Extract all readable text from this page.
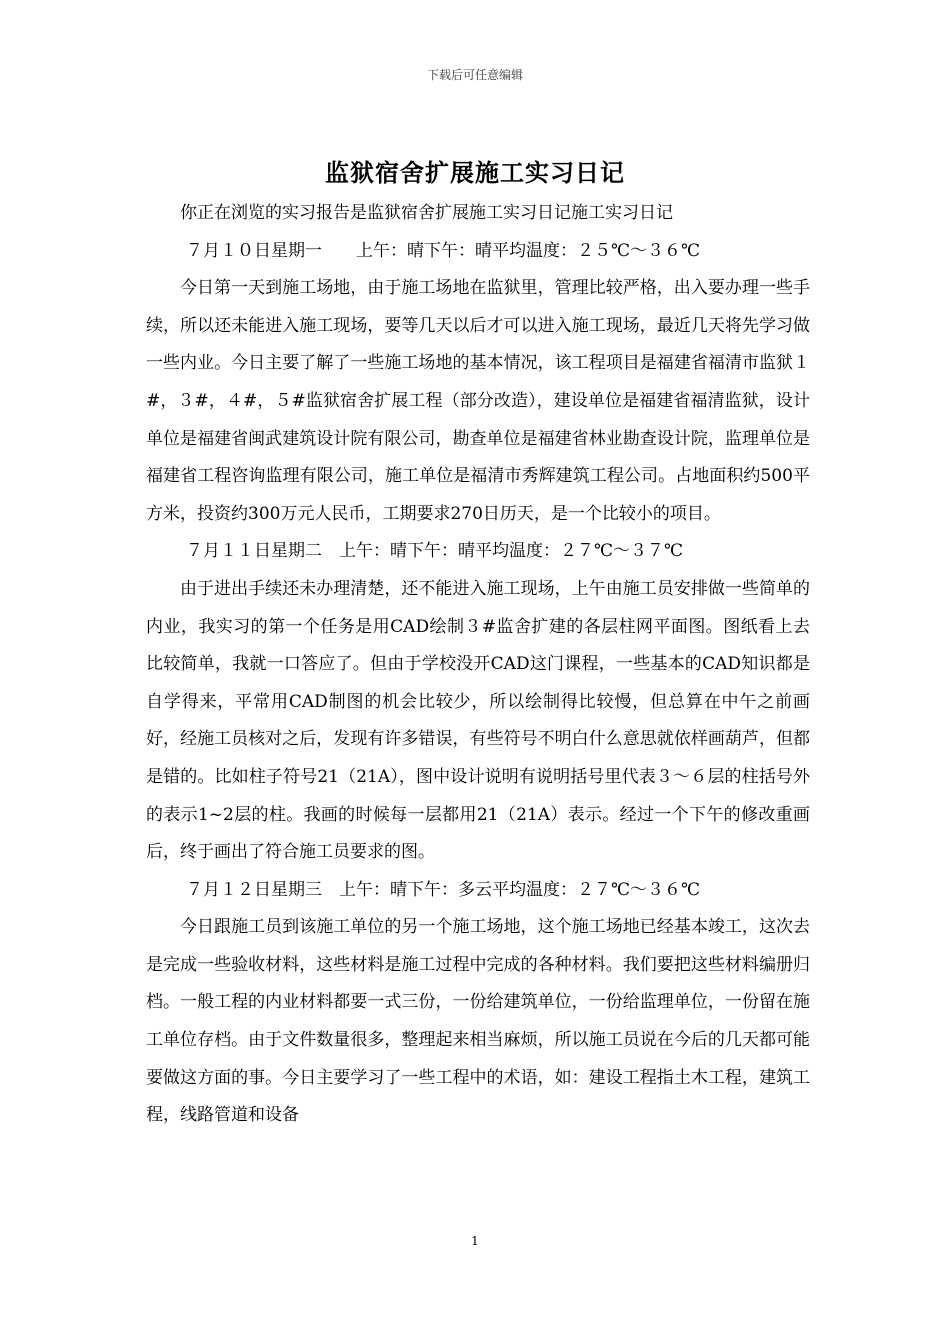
下载后可任意编辑
监狱宿舍扩展施工实习日记

你正在浏览的实习报告是监狱宿舍扩展施工实习日记施工实习日记

７月１０日星期一　　上午：晴下午：晴平均温度：２５℃～３６℃

今日第一天到施工场地，由于施工场地在监狱里，管理比较严格，出入要办理一些手续，所以还未能进入施工现场，要等几天以后才可以进入施工现场，最近几天将先学习做一些内业。今日主要了解了一些施工场地的基本情况，该工程项目是福建省福清市监狱１#，３#，４#，５#监狱宿舍扩展工程（部分改造），建设单位是福建省福清监狱，设计单位是福建省闽武建筑设计院有限公司，勘查单位是福建省林业勘查设计院，监理单位是福建省工程咨询监理有限公司，施工单位是福清市秀辉建筑工程公司。占地面积约500平方米，投资约300万元人民币，工期要求270日历天，是一个比较小的项目。

７月１１日星期二　上午：晴下午：晴平均温度：２７℃～３７℃

由于进出手续还未办理清楚，还不能进入施工现场，上午由施工员安排做一些简单的内业，我实习的第一个任务是用CAD绘制３#监舍扩建的各层柱网平面图。图纸看上去比较简单，我就一口答应了。但由于学校没开CAD这门课程，一些基本的CAD知识都是自学得来，平常用CAD制图的机会比较少，所以绘制得比较慢，但总算在中午之前画好，经施工员核对之后，发现有许多错误，有些符号不明白什么意思就依样画葫芦，但都是错的。比如柱子符号21（21A），图中设计说明有说明括号里代表３～６层的柱括号外的表示1~2层的柱。我画的时候每一层都用21（21A）表示。经过一个下午的修改重画后，终于画出了符合施工员要求的图。

７月１２日星期三　上午：晴下午：多云平均温度：２７℃～３６℃

今日跟施工员到该施工单位的另一个施工场地，这个施工场地已经基本竣工，这次去是完成一些验收材料，这些材料是施工过程中完成的各种材料。我们要把这些材料编册归档。一般工程的内业材料都要一式三份，一份给建筑单位，一份给监理单位，一份留在施工单位存档。由于文件数量很多，整理起来相当麻烦，所以施工员说在今后的几天都可能要做这方面的事。今日主要学习了一些工程中的术语，如：建设工程指土木工程，建筑工程，线路管道和设备

1
